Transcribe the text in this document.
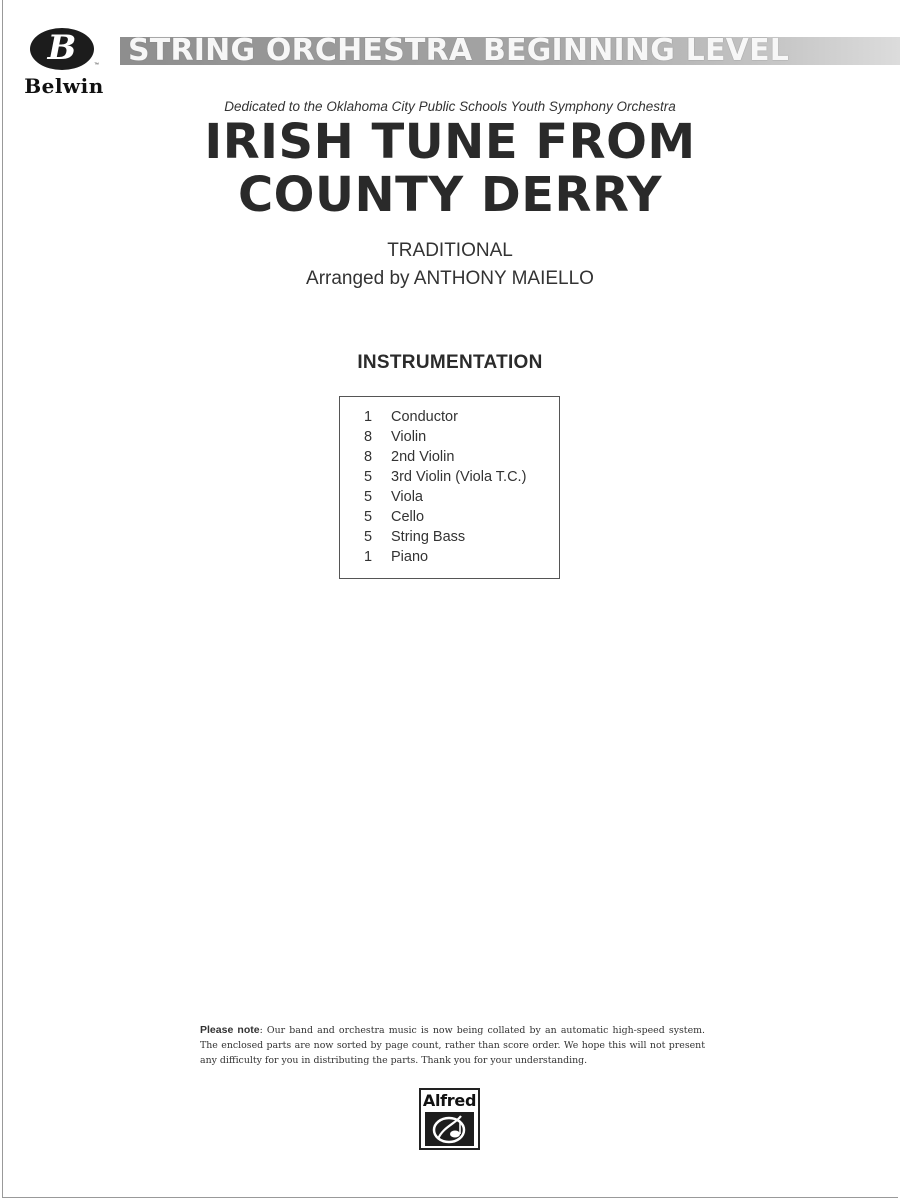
B	™
Belwin
STRING ORCHESTRA BEGINNING LEVEL
Dedicated to the Oklahoma City Public Schools Youth Symphony Orchestra
IRISH TUNE FROM
COUNTY DERRY
TRADITIONAL
Arranged by ANTHONY MAIELLO
INSTRUMENTATION
1 Conductor
8 Violin
8 2nd Violin
5 3rd Violin (Viola T.C.)
5 Viola
5 Cello
5 String Bass
1 Piano
Please note: Our band and orchestra music is now being collated by an automatic high-speed system. The enclosed parts are now sorted by page count, rather than score order. We hope this will not present any difficulty for you in distributing the parts. Thank you for your understanding.
Alfred
